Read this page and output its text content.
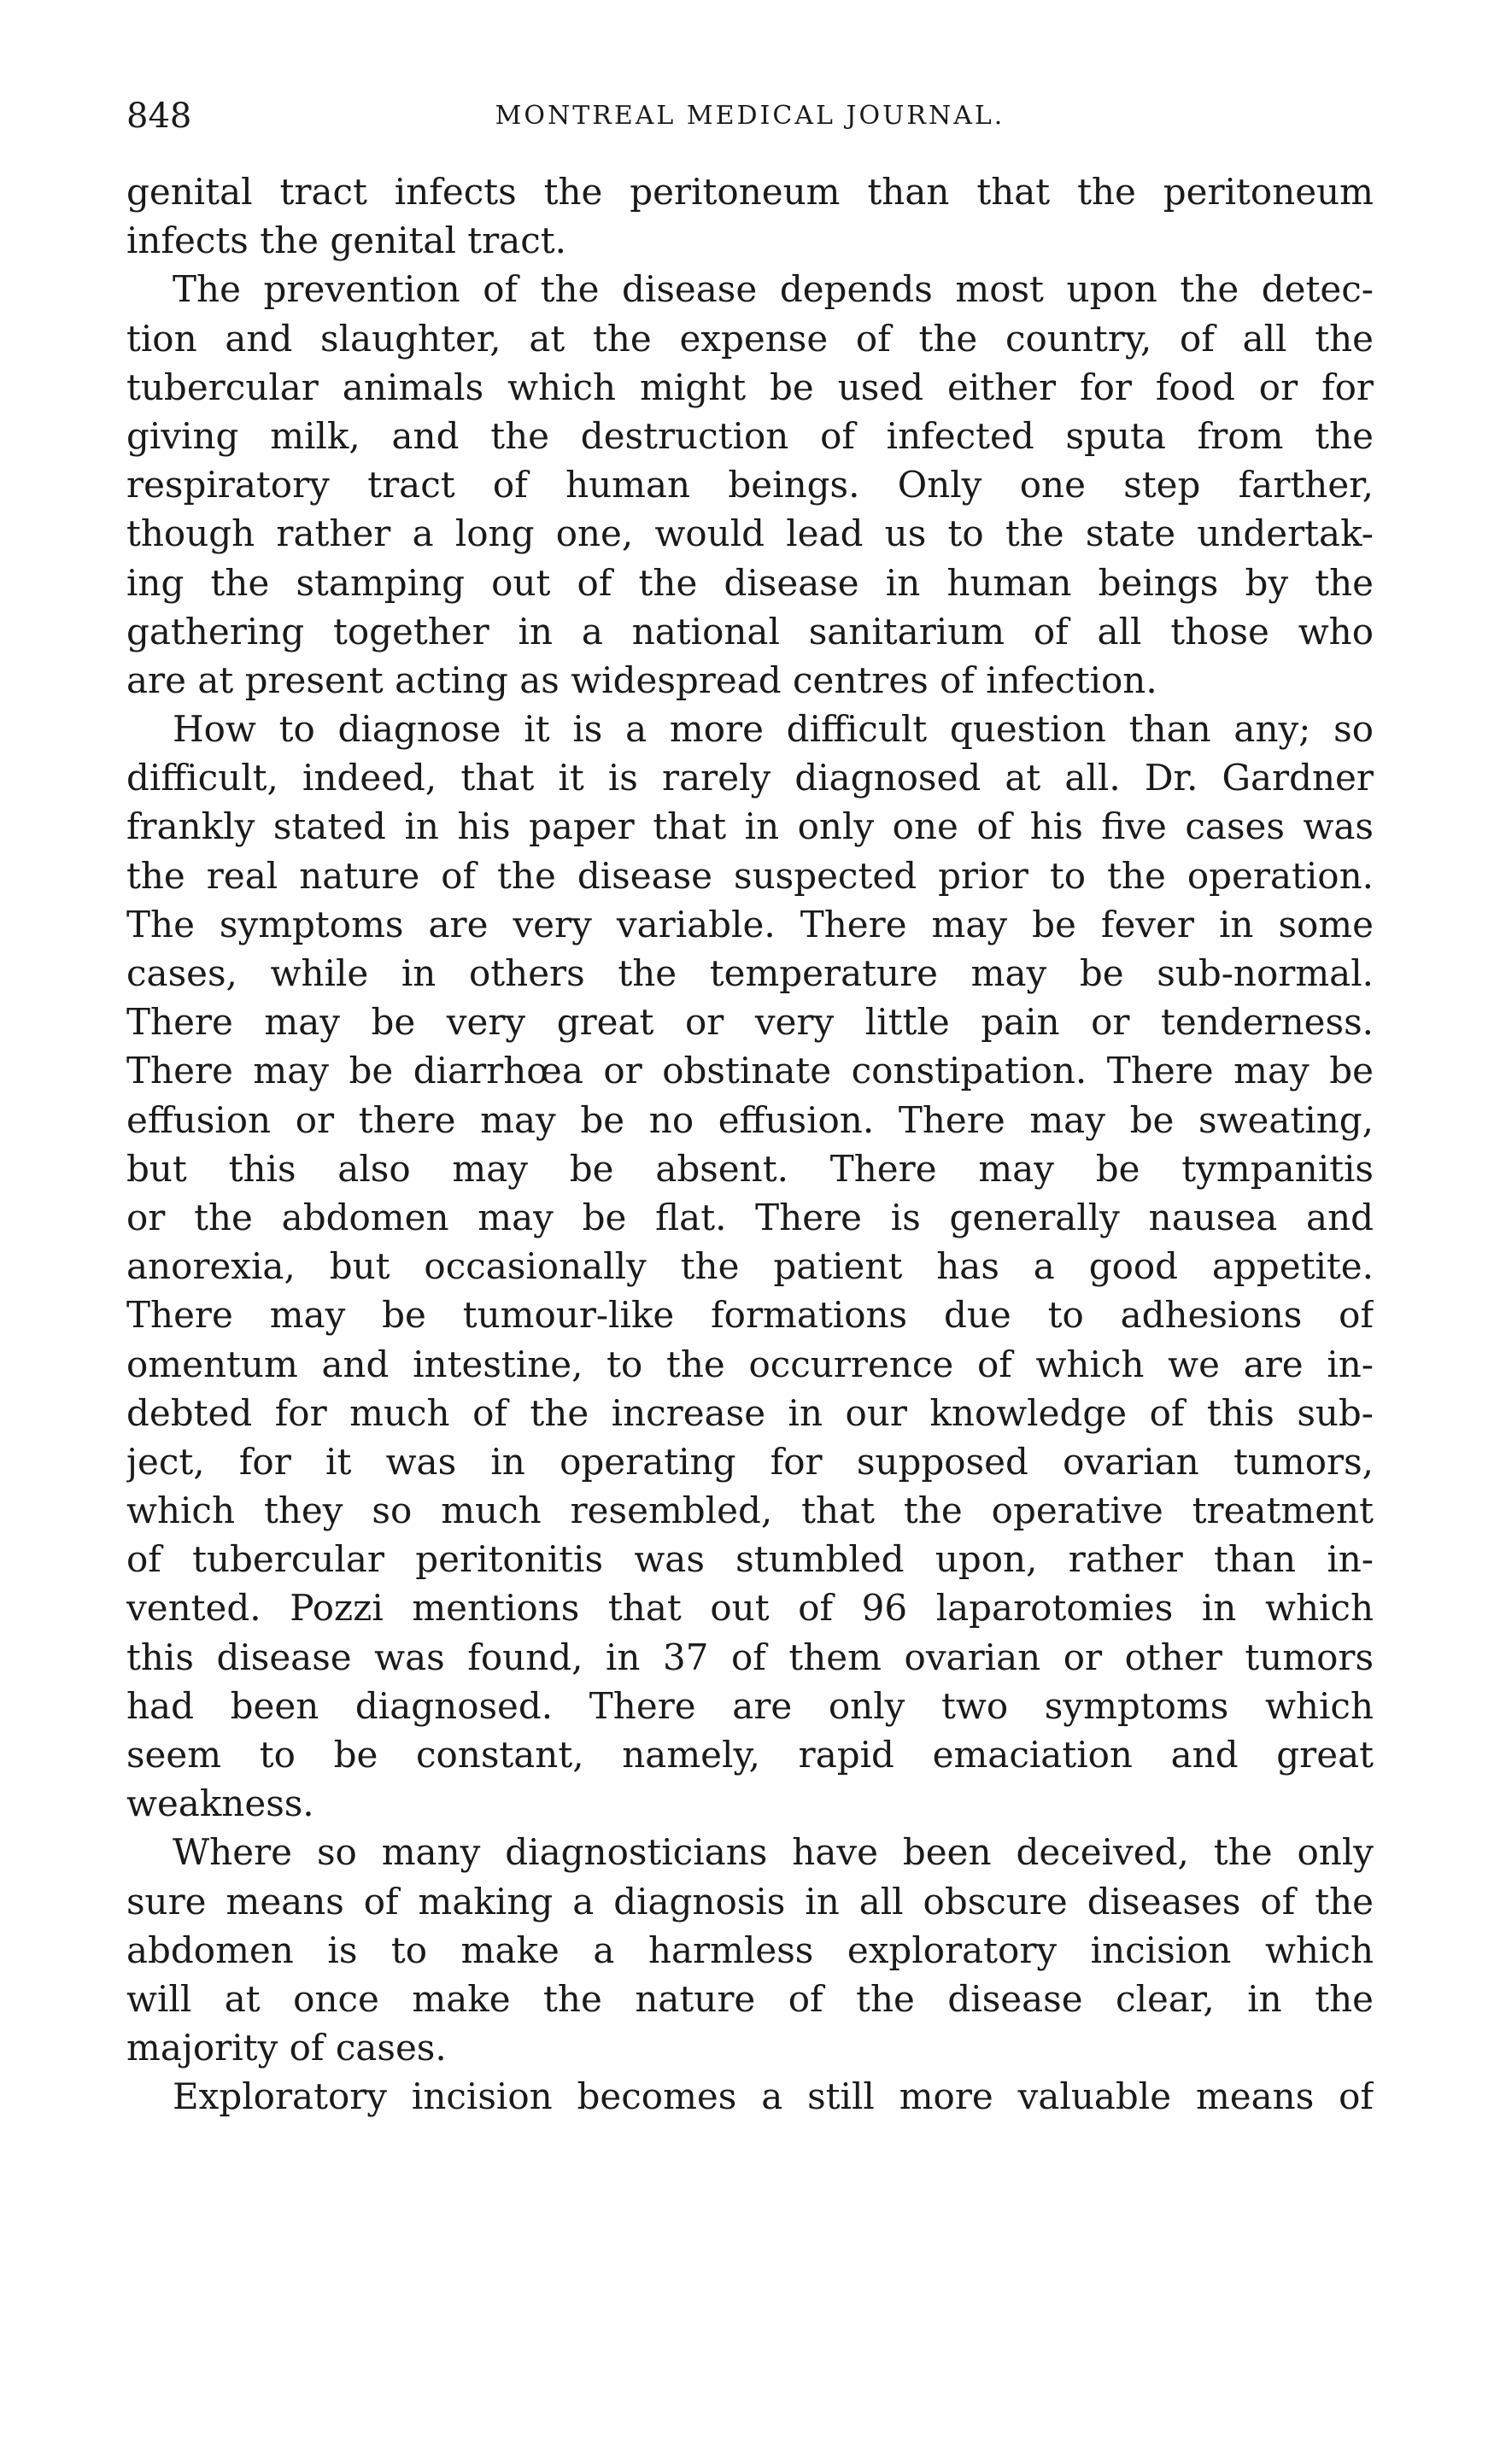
848	MONTREAL MEDICAL JOURNAL.
genital tract infects the peritoneum than that the peritoneum
infects the genital tract.
The prevention of the disease depends most upon the detec-
tion and slaughter, at the expense of the country, of all the
tubercular animals which might be used either for food or for
giving milk, and the destruction of infected sputa from the
respiratory tract of human beings. Only one step farther,
though rather a long one, would lead us to the state undertak-
ing the stamping out of the disease in human beings by the
gathering together in a national sanitarium of all those who
are at present acting as widespread centres of infection.
How to diagnose it is a more difficult question than any; so
difficult, indeed, that it is rarely diagnosed at all. Dr. Gardner
frankly stated in his paper that in only one of his five cases was
the real nature of the disease suspected prior to the operation.
The symptoms are very variable. There may be fever in some
cases, while in others the temperature may be sub-normal.
There may be very great or very little pain or tenderness.
There may be diarrhœa or obstinate constipation. There may be
effusion or there may be no effusion. There may be sweating,
but this also may be absent. There may be tympanitis
or the abdomen may be flat. There is generally nausea and
anorexia, but occasionally the patient has a good appetite.
There may be tumour-like formations due to adhesions of
omentum and intestine, to the occurrence of which we are in-
debted for much of the increase in our knowledge of this sub-
ject, for it was in operating for supposed ovarian tumors,
which they so much resembled, that the operative treatment
of tubercular peritonitis was stumbled upon, rather than in-
vented. Pozzi mentions that out of 96 laparotomies in which
this disease was found, in 37 of them ovarian or other tumors
had been diagnosed. There are only two symptoms which
seem to be constant, namely, rapid emaciation and great
weakness.
Where so many diagnosticians have been deceived, the only
sure means of making a diagnosis in all obscure diseases of the
abdomen is to make a harmless exploratory incision which
will at once make the nature of the disease clear, in the
majority of cases.
Exploratory incision becomes a still more valuable means of
